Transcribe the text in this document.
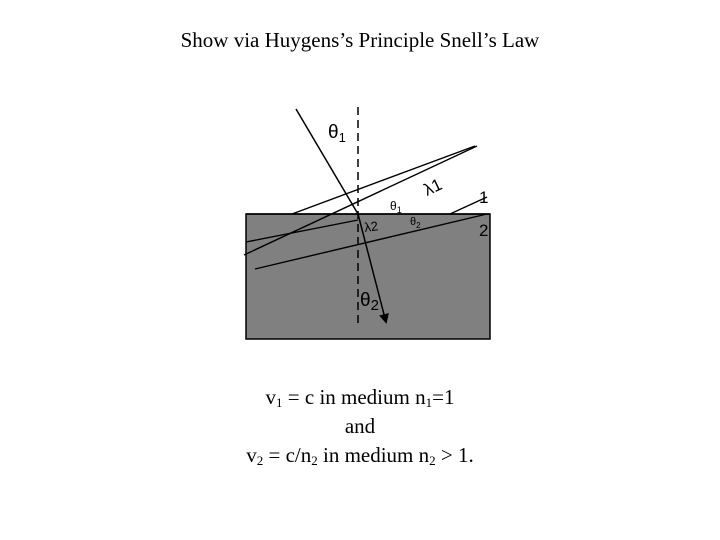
Show via Huygens’s Principle Snell’s Law
$\theta_1$
$\theta_1$
$\theta_2$
$\theta_2$
λ1
λ2
1
2
$v_1 = c$ in medium $n_1=1$
and
$v_2 = c/n_2$ in medium $n_2 > 1$.
